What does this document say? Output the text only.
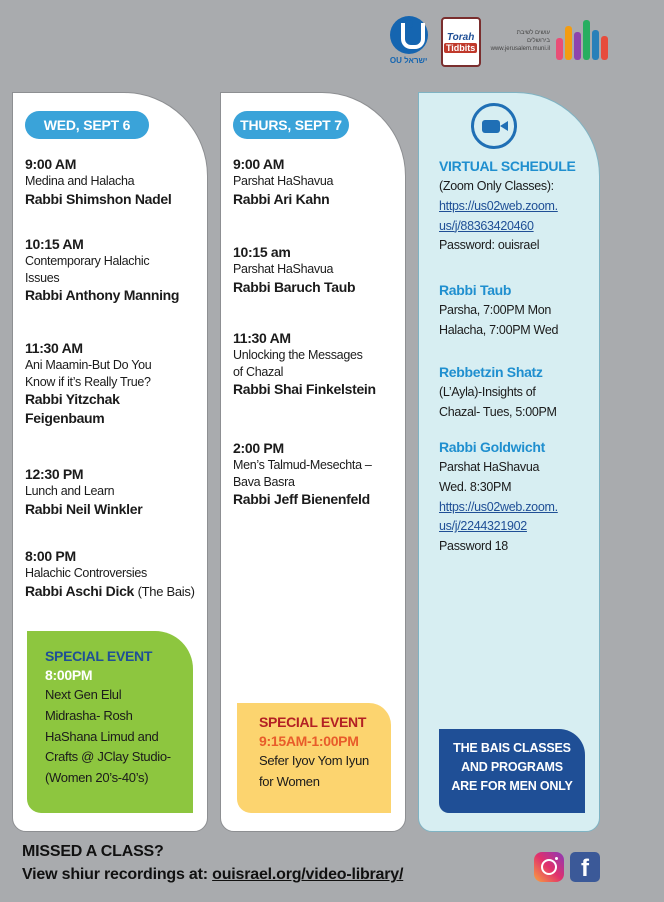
OU ישראל
Torah
Tidbits
עושים לשיבת
בירושלים
www.jerusalem.muni.il
WED, SEPT 6
9:00 AM
Medina and Halacha
Rabbi Shimshon Nadel
10:15 AM
Contemporary Halachic
Issues
Rabbi Anthony Manning
11:30 AM
Ani Maamin-But Do You
Know if it’s Really True?
Rabbi Yitzchak
Feigenbaum
12:30 PM
Lunch and Learn
Rabbi Neil Winkler
8:00 PM
Halachic Controversies
Rabbi Aschi Dick (The Bais)
SPECIAL EVENT
8:00PM
Next Gen Elul
Midrasha- Rosh
HaShana Limud and
Crafts @ JClay Studio-
(Women 20’s-40’s)
THURS, SEPT 7
9:00 AM
Parshat HaShavua
Rabbi Ari Kahn
10:15 am
Parshat HaShavua
Rabbi Baruch Taub
11:30 AM
Unlocking the Messages
of Chazal
Rabbi Shai Finkelstein
2:00 PM
Men’s Talmud-Mesechta –
Bava Basra
Rabbi Jeff Bienenfeld
SPECIAL EVENT
9:15AM-1:00PM
Sefer Iyov Yom Iyun
for Women
VIRTUAL SCHEDULE
(Zoom Only Classes):
https://us02web.zoom.
us/j/88363420460
Password: ouisrael
Rabbi Taub
Parsha, 7:00PM Mon
Halacha, 7:00PM Wed
Rebbetzin Shatz
(L’Ayla)-Insights of
Chazal- Tues, 5:00PM
Rabbi Goldwicht
Parshat HaShavua
Wed. 8:30PM
https://us02web.zoom.
us/j/2244321902
Password 18
THE BAIS CLASSES
AND PROGRAMS
ARE FOR MEN ONLY
MISSED A CLASS?
View shiur recordings at: ouisrael.org/video-library/	f
